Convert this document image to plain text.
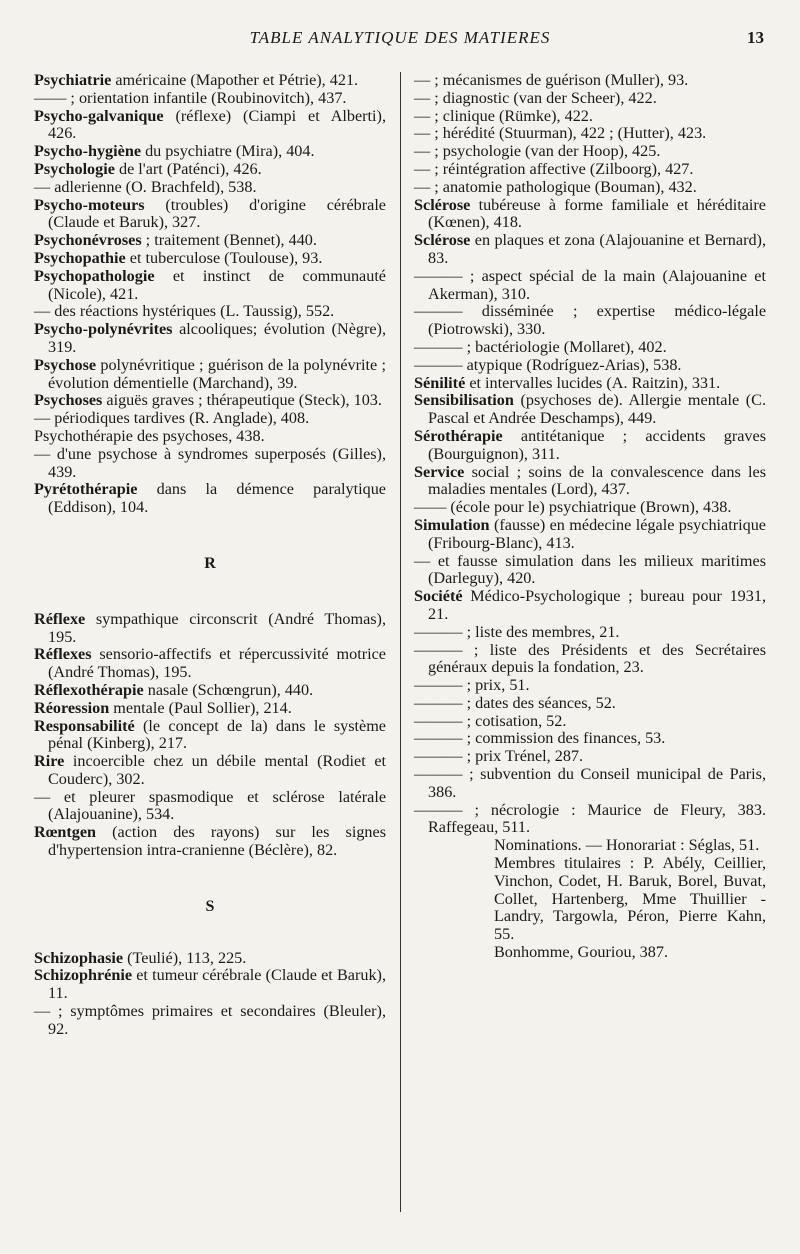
TABLE ANALYTIQUE DES MATIERES	13

Psychiatrie américaine (Mapother et Pétrie), 421.

—— ; orientation infantile (Roubinovitch), 437.

Psycho-galvanique (réflexe) (Ciampi et Alberti), 426.

Psycho-hygiène du psychiatre (Mira), 404.

Psychologie de l'art (Paténci), 426.

— adlerienne (O. Brachfeld), 538.

Psycho-moteurs (troubles) d'origine cérébrale (Claude et Baruk), 327.

Psychonévroses ; traitement (Bennet), 440.

Psychopathie et tuberculose (Toulouse), 93.

Psychopathologie et instinct de communauté (Nicole), 421.

— des réactions hystériques (L. Taussig), 552.

Psycho-polynévrites alcooliques; évolution (Nègre), 319.

Psychose polynévritique ; guérison de la polynévrite ; évolution démentielle (Marchand), 39.

Psychoses aiguës graves ; thérapeutique (Steck), 103.

— périodiques tardives (R. Anglade), 408.

Psychothérapie des psychoses, 438.

— d'une psychose à syndromes superposés (Gilles), 439.

Pyrétothérapie dans la démence paralytique (Eddison), 104.

R

Réflexe sympathique circonscrit (André Thomas), 195.

Réflexes sensorio-affectifs et répercussivité motrice (André Thomas), 195.

Réflexothérapie nasale (Schœngrun), 440.

Réoression mentale (Paul Sollier), 214.

Responsabilité (le concept de la) dans le système pénal (Kinberg), 217.

Rire incoercible chez un débile mental (Rodiet et Couderc), 302.

— et pleurer spasmodique et sclérose latérale (Alajouanine), 534.

Rœntgen (action des rayons) sur les signes d'hypertension intra-cranienne (Béclère), 82.

S

Schizophasie (Teulié), 113, 225.

Schizophrénie et tumeur cérébrale (Claude et Baruk), 11.

— ; symptômes primaires et secondaires (Bleuler), 92.

— ; mécanismes de guérison (Muller), 93.

— ; diagnostic (van der Scheer), 422.

— ; clinique (Rümke), 422.

— ; hérédité (Stuurman), 422 ; (Hutter), 423.

— ; psychologie (van der Hoop), 425.

— ; réintégration affective (Zilboorg), 427.

— ; anatomie pathologique (Bouman), 432.

Sclérose tubéreuse à forme familiale et héréditaire (Kœnen), 418.

Sclérose en plaques et zona (Alajouanine et Bernard), 83.

——— ; aspect spécial de la main (Alajouanine et Akerman), 310.

——— disséminée ; expertise médico-légale (Piotrowski), 330.

——— ; bactériologie (Mollaret), 402.

——— atypique (Rodríguez-Arias), 538.

Sénilité et intervalles lucides (A. Raitzin), 331.

Sensibilisation (psychoses de). Allergie mentale (C. Pascal et Andrée Deschamps), 449.

Sérothérapie antitétanique ; accidents graves (Bourguignon), 311.

Service social ; soins de la convalescence dans les maladies mentales (Lord), 437.

—— (école pour le) psychiatrique (Brown), 438.

Simulation (fausse) en médecine légale psychiatrique (Fribourg-Blanc), 413.

— et fausse simulation dans les milieux maritimes (Darleguy), 420.

Société Médico-Psychologique ; bureau pour 1931, 21.

——— ; liste des membres, 21.

——— ; liste des Présidents et des Secrétaires généraux depuis la fondation, 23.

——— ; prix, 51.

——— ; dates des séances, 52.

——— ; cotisation, 52.

——— ; commission des finances, 53.

——— ; prix Trénel, 287.

——— ; subvention du Conseil municipal de Paris, 386.

——— ; nécrologie : Maurice de Fleury, 383. Raffegeau, 511.

Nominations. — Honorariat : Séglas, 51.

Membres titulaires : P. Abély, Ceillier, Vinchon, Codet, H. Baruk, Borel, Buvat, Collet, Hartenberg, Mme Thuillier - Landry, Targowla, Péron, Pierre Kahn, 55.

Bonhomme, Gouriou, 387.
